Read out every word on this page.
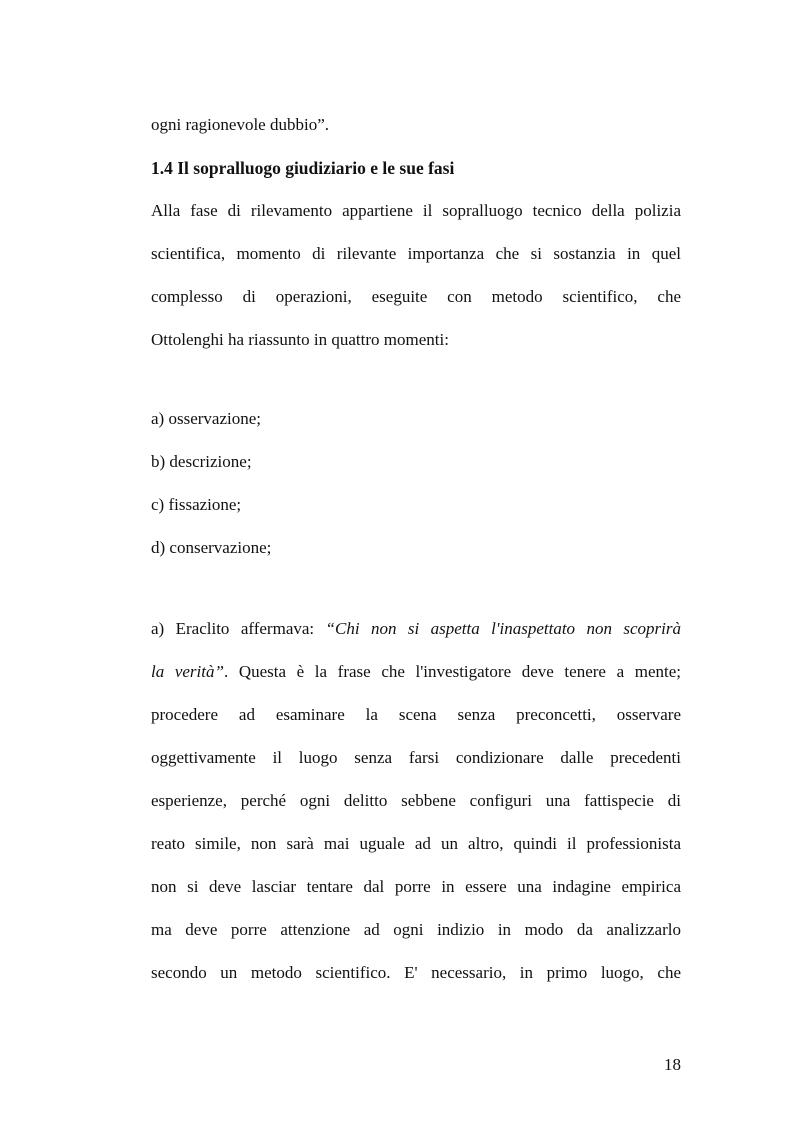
ogni ragionevole dubbio”.
1.4 Il sopralluogo giudiziario e le sue fasi
Alla fase di rilevamento appartiene il sopralluogo tecnico della polizia
scientifica, momento di rilevante importanza che si sostanzia in quel
complesso di operazioni, eseguite con metodo scientifico, che
Ottolenghi ha riassunto in quattro momenti:
a) osservazione;
b) descrizione;
c) fissazione;
d) conservazione;
a) Eraclito affermava: “Chi non si aspetta l'inaspettato non scoprirà
la verità”. Questa è la frase che l'investigatore deve tenere a mente;
procedere ad esaminare la scena senza preconcetti, osservare
oggettivamente il luogo senza farsi condizionare dalle precedenti
esperienze, perché ogni delitto sebbene configuri una fattispecie di
reato simile, non sarà mai uguale ad un altro, quindi il professionista
non si deve lasciar tentare dal porre in essere una indagine empirica
ma deve porre attenzione ad ogni indizio in modo da analizzarlo
secondo un metodo scientifico. E' necessario, in primo luogo, che
18
